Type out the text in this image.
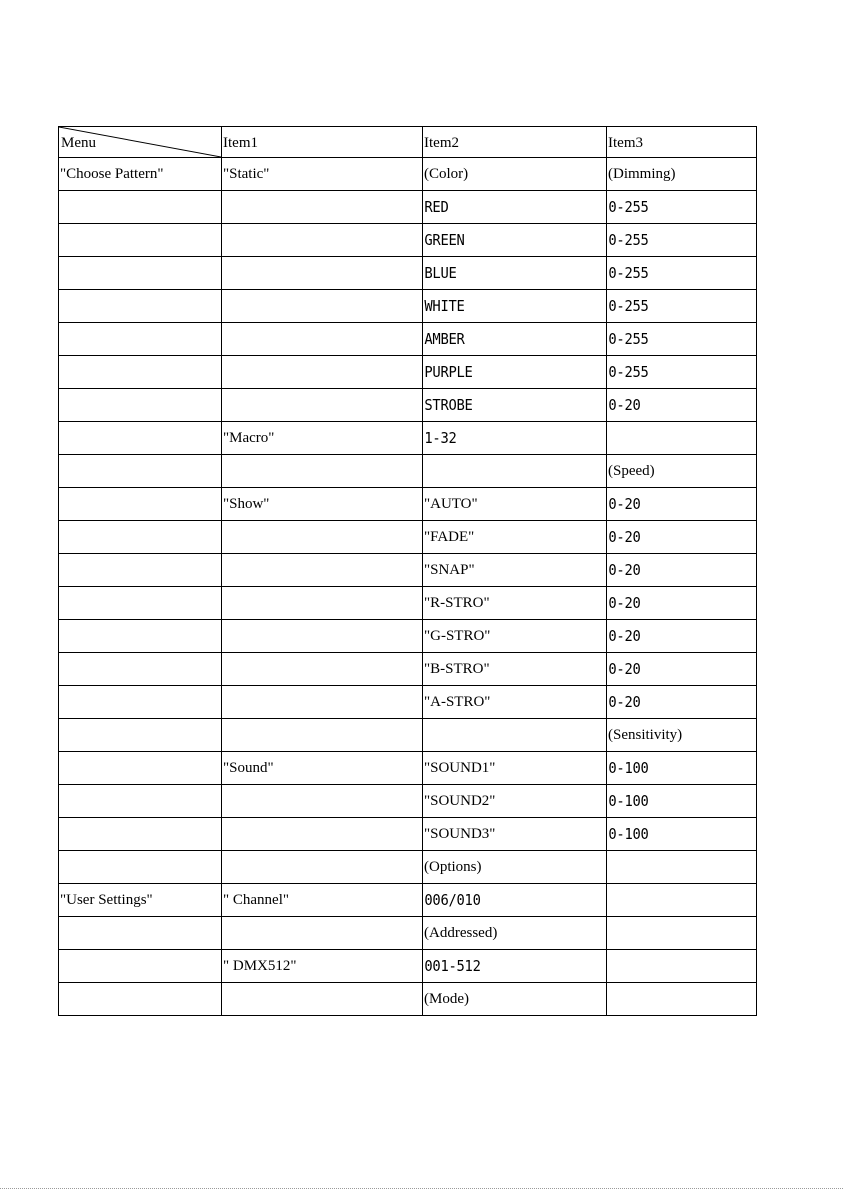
Menu	Item1	Item2	Item3
"Choose Pattern"	"Static"	(Color)	(Dimming)
		RED	0-255
		GREEN	0-255
		BLUE	0-255
		WHITE	0-255
		AMBER	0-255
		PURPLE	0-255
		STROBE	0-20
	"Macro"	1-32	
			(Speed)
	"Show"	"AUTO"	0-20
		"FADE"	0-20
		"SNAP"	0-20
		"R-STRO"	0-20
		"G-STRO"	0-20
		"B-STRO"	0-20
		"A-STRO"	0-20
			(Sensitivity)
	"Sound"	"SOUND1"	0-100
		"SOUND2"	0-100
		"SOUND3"	0-100
		(Options)	
"User Settings"	" Channel"	006/010	
		(Addressed)	
	" DMX512"	001-512	
		(Mode)	
